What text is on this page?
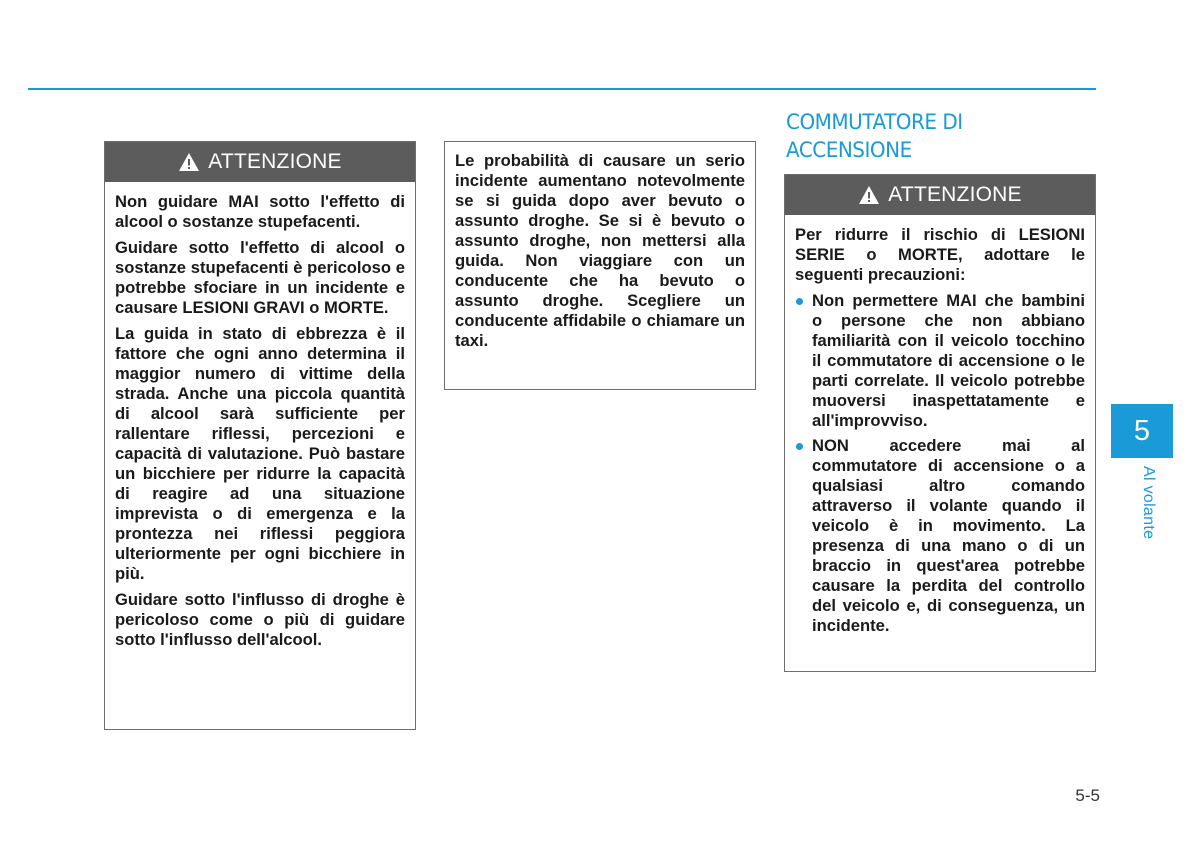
ATTENZIONE

Non guidare MAI sotto l'effetto di alcool o sostanze stupefacenti.

Guidare sotto l'effetto di alcool o sostanze stupefacenti è pericoloso e potrebbe sfociare in un incidente e causare LESIONI GRAVI o MORTE.

La guida in stato di ebbrezza è il fattore che ogni anno determina il maggior numero di vittime della strada. Anche una piccola quantità di alcool sarà sufficiente per rallentare riflessi, percezioni e capacità di valutazione. Può bastare un bicchiere per ridurre la capacità di reagire ad una situazione imprevista o di emergenza e la prontezza nei riflessi peggiora ulteriormente per ogni bicchiere in più.

Guidare sotto l'influsso di droghe è pericoloso come o più di guidare sotto l'influsso dell'alcool.

Le probabilità di causare un serio incidente aumentano notevolmente se si guida dopo aver bevuto o assunto droghe. Se si è bevuto o assunto droghe, non mettersi alla guida. Non viaggiare con un conducente che ha bevuto o assunto droghe. Scegliere un conducente affidabile o chiamare un taxi.

COMMUTATORE DI ACCENSIONE
ATTENZIONE

Per ridurre il rischio di LESIONI SERIE o MORTE, adottare le seguenti precauzioni:

Non permettere MAI che bambini o persone che non abbiano familiarità con il veicolo tocchino il commutatore di accensione o le parti correlate. Il veicolo potrebbe muoversi inaspettatamente e all'improvviso.
NON accedere mai al commutatore di accensione o a qualsiasi altro comando attraverso il volante quando il veicolo è in movimento. La presenza di una mano o di un braccio in quest'area potrebbe causare la perdita del controllo del veicolo e, di conseguenza, un incidente.
5
Al volante
5-5
